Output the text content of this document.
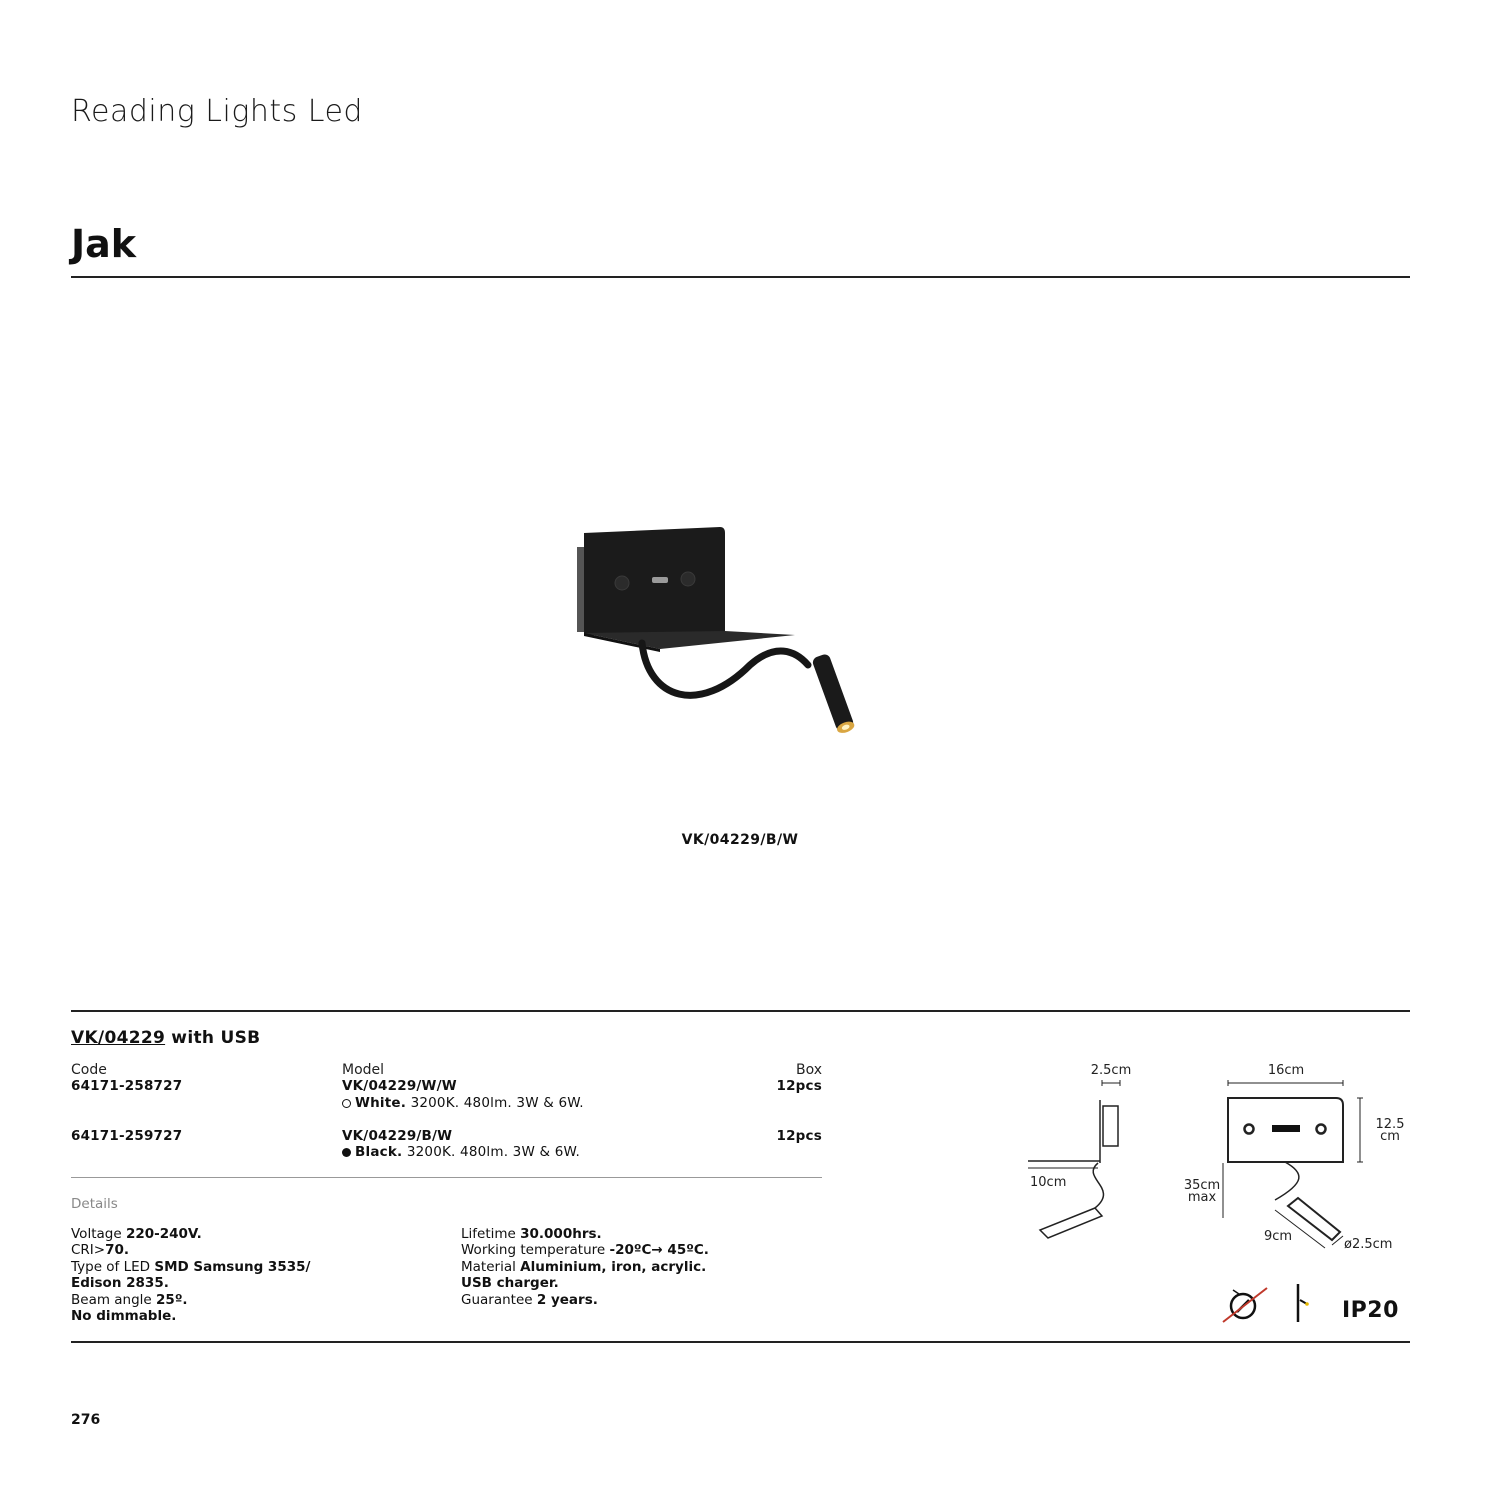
Reading Lights Led
Jak
VK/04229/B/W
VK/04229 with USB
Code	Model	Box
64171-258727	VK/04229/W/W	12pcs
White. 3200K. 480lm. 3W & 6W.
64171-259727	VK/04229/B/W	12pcs
Black. 3200K. 480lm. 3W & 6W.
Details
Voltage 220-240V.
CRI>70.
Type of LED SMD Samsung 3535/
Edison 2835.
Beam angle 25º.
No dimmable.
Lifetime 30.000hrs.
Working temperature -20ºC→ 45ºC.
Material Aluminium, iron, acrylic.
USB charger.
Guarantee 2 years.
2.5cm
10cm
16cm
12.5
cm
35cm
max
9cm
ø2.5cm
IP20
276
